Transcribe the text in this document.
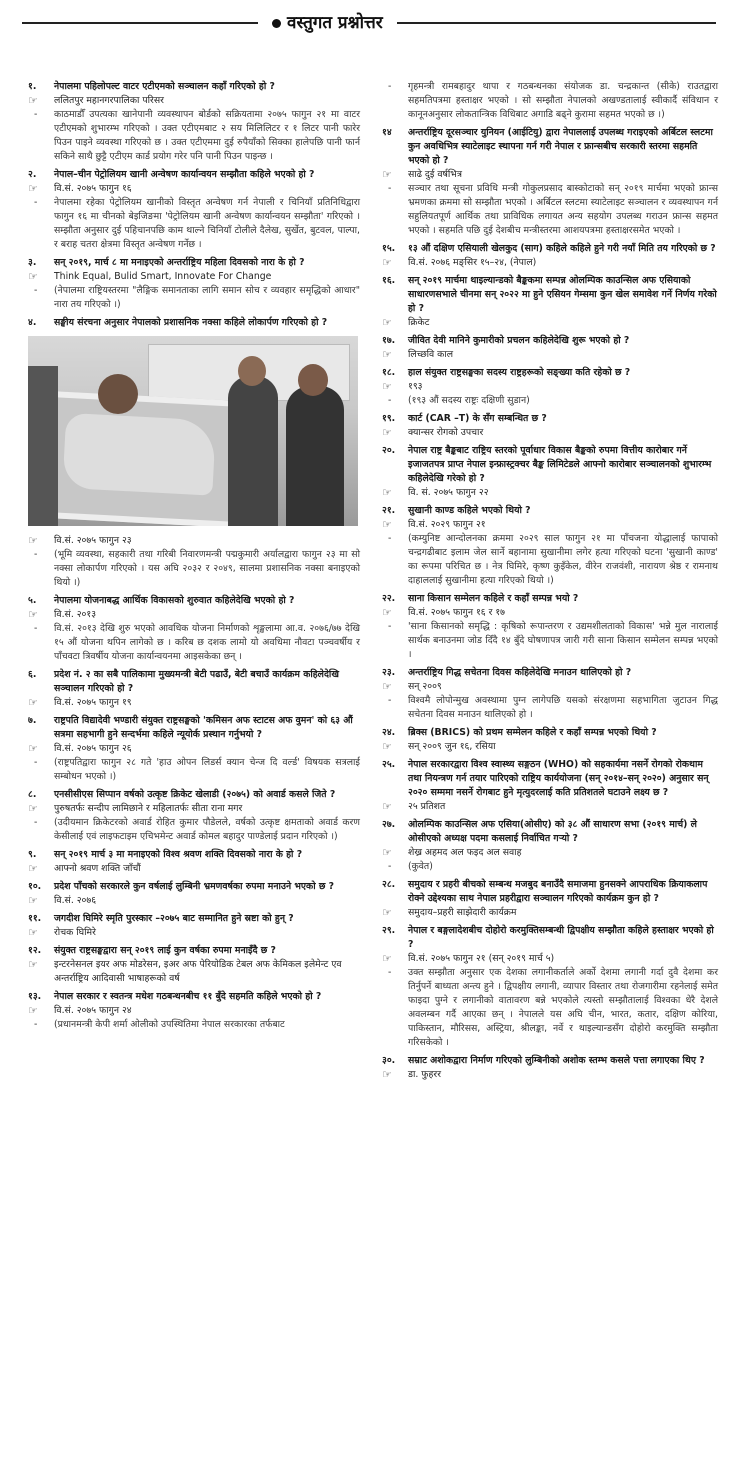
वस्तुगत प्रश्नोत्तर
१. नेपालमा पहिलोपल्ट वाटर एटीएमको सञ्चालन कहाँ गरिएको हो ?
☞ ललितपुर महानगरपालिका परिसर
- काठमाडौँ उपत्यका खानेपानी व्यवस्थापन बोर्डको सक्रियतामा २०७५ फागुन २१ मा वाटर एटीएमको शुभारम्भ गरिएको । उक्त एटीएमबाट २ सय मिलिलिटर र १ लिटर पानी फारेर पिउन पाइने व्यवस्था गरिएको छ । उक्त एटीएममा दुई रुपैयाँको सिक्का हालेपछि पानी फार्न सकिने साथै छुट्टै एटीएम कार्ड प्रयोग गरेर पनि पानी पिउन पाइन्छ ।
२. नेपाल–चीन पेट्रोलियम खानी अन्वेषण कार्यान्वयन सम्झौता कहिले भएको हो ?
☞ वि.सं. २०७५ फागुन १६
- नेपालमा रहेका पेट्रोलियम खानीको विस्तृत अन्वेषण गर्न नेपाली र चिनियाँ प्रतिनिधिद्वारा फागुन १६ मा चीनको बेइजिङमा 'पेट्रोलियम खानी अन्वेषण कार्यान्वयन सम्झौता' गरिएको । सम्झौता अनुसार दुई पहिचानपछि काम थाल्ने चिनियाँ टोलीले दैलेख, सुर्खेत, बुटवल, पाल्पा, र बराह चतरा क्षेत्रमा विस्तृत अन्वेषण गर्नेछ ।
३. सन् २०१९, मार्च ८ मा मनाइएको अन्तर्राष्ट्रिय महिला दिवसको नारा के हो ?
☞ Think Equal, Bulid Smart, Innovate For Change
- (नेपालमा राष्ट्रियस्तरमा "लैङ्गिक समानताका लागि समान सोच र व्यवहार समृद्धिको आधार" नारा तय गरिएको ।)
४. सङ्घीय संरचना अनुसार नेपालको प्रशासनिक नक्सा कहिले लोकार्पण गरिएको हो ?
☞ वि.सं. २०७५ फागुन २३
- (भूमि व्यवस्था, सहकारी तथा गरिबी निवारणमन्त्री पद्मकुमारी अर्यालद्वारा फागुन २३ मा सो नक्सा लोकार्पण गरिएको । यस अघि २०३२ र २०४९, सालमा प्रशासनिक नक्सा बनाइएको थियो ।)
५. नेपालमा योजनाबद्ध आर्थिक विकासको शुरुवात कहिलेदेखि भएको हो ?
☞ वि.सं. २०१३
- वि.सं. २०१३ देखि शुरु भएको आवधिक योजना निर्माणको शृङ्खलामा आ.व. २०७६/७७ देखि १५ औं योजना थपिन लागेको छ । करिब छ दशक लामो यो अवधिमा नौवटा पञ्चवर्षीय र पाँचवटा त्रिवर्षीय योजना कार्यान्वयनमा आइसकेका छन् ।
६. प्रदेश नं. २ का सबै पालिकामा मुख्यमन्त्री बेटी पढाउँ, बेटी बचाउँ कार्यक्रम कहिलेदेखि सञ्चालन गरिएको हो ?
☞ वि.सं. २०७५ फागुन १९
७. राष्ट्रपति विद्यादेवी भण्डारी संयुक्त राष्ट्रसङ्घको 'कमिसन अफ स्टाटस अफ वुमन' को ६३ औं सत्रमा सहभागी हुने सन्दर्भमा कहिले न्यूयोर्क प्रस्थान गर्नुभयो ?
☞ वि.सं. २०७५ फागुन २६
- (राष्ट्रपतिद्वारा फागुन २८ गते 'हाउ ओपन लिडर्स क्यान चेन्ज दि वर्ल्ड' विषयक सत्रलाई सम्बोधन भएको ।)
८. एनसीसीएस सिप्पान वर्षको उत्कृष्ट क्रिकेट खेलाडी (२०७५) को अवार्ड कसले जिते ?
☞ पुरुषतर्फः सन्दीप लामिछाने र महिलातर्फः सीता राना मगर
- (उदीयमान क्रिकेटरको अवार्ड रोहित कुमार पौडेलले, वर्षको उत्कृष्ट क्षमताको अवार्ड करण केसीलाई एवं लाइफटाइम एचिभमेन्ट अवार्ड कोमल बहादुर पाण्डेलाई प्रदान गरिएको ।)
९. सन् २०१९ मार्च ३ मा मनाइएको विश्व श्रवण शक्ति दिवसको नारा के हो ?
☞ आफ्नो श्रवण शक्ति जाँचौं
१०. प्रदेश पाँचको सरकारले कुन वर्षलाई लुम्बिनी भ्रमणवर्षका रुपमा मनाउने भएको छ ?
☞ वि.सं. २०७६
११. जगदीश घिमिरे स्मृति पुरस्कार –२०७५ बाट सम्मानित हुने स्रष्टा को हुन् ?
☞ रोचक घिमिरे
१२. संयुक्त राष्ट्रसङ्घद्वारा सन् २०१९ लाई कुन वर्षका रुपमा मनाइँदै छ ?
☞ इन्टरनेसनल इयर अफ मोडरेसन, इअर अफ पेरियोडिक टेबल अफ केमिकल इलेमेन्ट एव अन्तर्राष्ट्रिय आदिवासी भाषाहरूको वर्ष
१३. नेपाल सरकार र स्वतन्त्र मधेश गठबन्धनबीच ११ बुँदे सहमति कहिले भएको हो ?
☞ वि.सं. २०७५ फागुन २४
- (प्रधानमन्त्री केपी शर्मा ओलीको उपस्थितिमा नेपाल सरकारका तर्फबाट
- गृहमन्त्री रामबहादुर थापा र गठबन्धनका संयोजक डा. चन्द्रकान्त (सीके) राउतद्वारा सहमतिपत्रमा हस्ताक्षर भएको । सो सम्झौता नेपालको अखण्डतालाई स्वीकार्दै संविधान र कानूनअनुसार लोकतान्त्रिक विधिबाट अगाडि बढ्ने कुरामा सहमत भएको छ ।)
१४ अन्तर्राष्ट्रिय दूरसञ्चार युनियन (आईटियु) द्वारा नेपाललाई उपलब्ध गराइएको अर्बिटल स्लटमा कुन अवधिभित्र स्याटेलाइट स्थापना गर्न गरी नेपाल र फ्रान्सबीच सरकारी स्तरमा सहमति भएको हो ?
☞ साढे दुई वर्षभित्र
- सञ्चार तथा सूचना प्रविधि मन्त्री गोकुलप्रसाद बास्कोटाको सन् २०१९ मार्चमा भएको फ्रान्स भ्रमणका क्रममा सो सम्झौता भएको । अर्बिटल स्लटमा स्याटेलाइट सञ्चालन र व्यवस्थापन गर्न सहुलियतपूर्ण आर्थिक तथा प्राविधिक लगायत अन्य सहयोग उपलब्ध गराउन फ्रान्स सहमत भएको । सहमति पछि दुई देशबीच मन्त्रीस्तरमा आशयपत्रमा हस्ताक्षरसमेत भएको ।
१५. १३ औं दक्षिण एसियाली खेलकुद (साग) कहिले कहिले हुने गरी नयाँ मिति तय गरिएको छ ?
☞ वि.सं. २०७६ मङ्सिर १५–२४, (नेपाल)
१६. सन् २०१९ मार्चमा थाइल्यान्डको बैङ्ककमा सम्पन्न ओलम्पिक काउन्सिल अफ एसियाको साधारणसभाले चीनमा सन् २०२२ मा हुने एसियन गेम्समा कुन खेल समावेश गर्ने निर्णय गरेको हो ?
☞ क्रिकेट
१७. जीवित देवी मानिने कुमारीको प्रचलन कहिलेदेखि शुरू भएको हो ?
☞ लिच्छवि काल
१८. हाल संयुक्त राष्ट्रसङ्घका सदस्य राष्ट्रहरूको सङ्ख्या कति रहेको छ ?
☞ १९३
- (१९३ औं सदस्य राष्ट्रः दक्षिणी सुडान)
१९. कार्ट (CAR –T) के सँग सम्बन्धित छ ?
☞ क्यान्सर रोगको उपचार
२०. नेपाल राष्ट्र बैङ्कबाट राष्ट्रिय स्तरको पूर्वाधार विकास बैङ्कको रुपमा वित्तीय कारोबार गर्ने इजाजतपत्र प्राप्त नेपाल इन्फ्रास्ट्रक्चर बैङ्क लिमिटेडले आफ्नो कारोबार सञ्चालनको शुभारम्भ कहिलेदेखि गरेको हो ?
☞ वि. सं. २०७५ फागुन २२
२१. सुखानी काण्ड कहिले भएको थियो ?
☞ वि.सं. २०२९ फागुन २१
- (कम्युनिष्ट आन्दोलनका क्रममा २०२९ साल फागुन २१ मा पाँचजना योद्धालाई फापाको चन्द्रगढीबाट इलाम जेल सार्ने बहानामा सुखानीमा लगेर हत्या गरिएको घटना 'सुखानी काण्ड' का रूपमा परिचित छ । नेत्र घिमिरे, कृष्ण कुइँकेल, वीरेन राजवंशी, नारायण श्रेष्ठ र रामनाथ दाहाललाई सुखानीमा हत्या गरिएको थियो ।)
२२. साना किसान सम्मेलन कहिले र कहाँ सम्पन्न भयो ?
☞ वि.सं. २०७५ फागुन १६ र १७
- 'साना किसानको समृद्धि : कृषिको रूपान्तरण र उद्यमशीलताको विकास' भन्ने मुल नारालाई सार्थक बनाउनमा जोड दिँदै १४ बुँदे घोषणापत्र जारी गरी साना किसान सम्मेलन सम्पन्न भएको ।
२३. अन्तर्राष्ट्रिय गिद्ध सचेतना दिवस कहिलेदेखि मनाउन थालिएको हो ?
☞ सन् २००९
- विश्वमै लोपोन्मुख अवस्थामा पुग्न लागेपछि यसको संरक्षणमा सहभागिता जुटाउन गिद्ध सचेतना दिवस मनाउन थालिएको हो ।
२४. ब्रिक्स (BRICS) को प्रथम सम्मेलन कहिले र कहाँ सम्पन्न भएको थियो ?
☞ सन् २००९ जुन १६, रसिया
२५. नेपाल सरकारद्वारा विश्व स्वास्थ्य सङ्गठन (WHO) को सहकार्यमा नसर्ने रोगको रोकथाम तथा नियन्त्रण गर्न तयार पारिएको राष्ट्रिय कार्ययोजना (सन् २०१४–सन् २०२०) अनुसार सन् २०२० सम्ममा नसर्ने रोगबाट हुने मृत्युदरलाई कति प्रतिशतले घटाउने लक्ष्य छ ?
☞ २५ प्रतिशत
२७. ओलम्पिक काउन्सिल अफ एसिया(ओसीए) को ३८ औं साधारण सभा (२०१९ मार्च) ले ओसीएको अध्यक्ष पदमा कसलाई निर्वाचित गऱ्यो ?
☞ शेख्र अहमद अल फइद अल सवाह
- (कुवेत)
२८. समुदाय र प्रहरी बीचको सम्बन्ध मजबुद बनाउँदै समाजमा हुनसक्ने आपराधिक क्रियाकलाप रोक्ने उद्देश्यका साथ नेपाल प्रहरीद्वारा सञ्चालन गरिएको कार्यक्रम कुन हो ?
☞ समुदाय–प्रहरी साझेदारी कार्यक्रम
२९. नेपाल र बङ्गलादेशबीच दोहोरो करमुक्तिसम्बन्धी द्विपक्षीय सम्झौता कहिले हस्ताक्षर भएको हो ?
☞ वि.सं. २०७५ फागुन २१ (सन् २०१९ मार्च ५)
- उक्त सम्झौता अनुसार एक देशका लगानीकर्ताले अर्को देशमा लगानी गर्दा दुवै देशमा कर तिर्नुपर्ने बाध्यता अन्त्य हुने । द्विपक्षीय लगानी, व्यापार विस्तार तथा रोजगारीमा रहनेलाई समेत फाइदा पुग्ने र लगानीको वातावरण बन्ने भएकोले त्यस्तो सम्झौतालाई विश्वका धेरै देशले अवलम्बन गर्दै आएका छन् । नेपालले यस अघि चीन, भारत, कतार, दक्षिण कोरिया, पाकिस्तान, मौरिसस, अस्ट्रिया, श्रीलङ्का, नर्वे र थाइल्यान्डसँग दोहोरो करमुक्ति सम्झौता गरिसकेको ।
३०. सम्राट अशोकद्वारा निर्माण गरिएको लुम्बिनीको अशोक स्तम्भ कसले पत्ता लगाएका थिए ?
☞ डा. फुहरर
